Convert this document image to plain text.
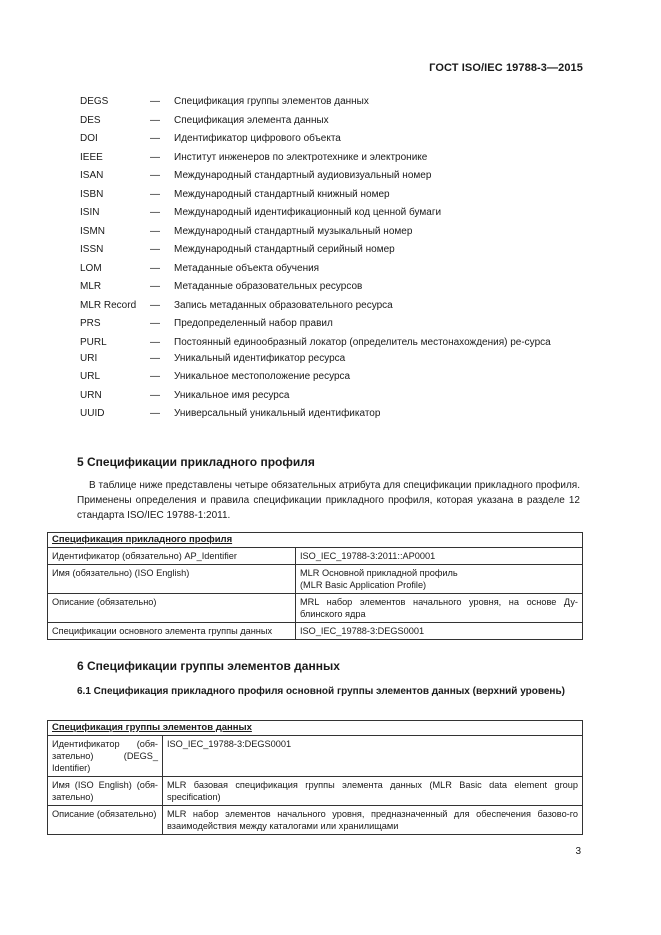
ГОСТ ISO/IEC 19788-3—2015
DEGS	—	Спецификация группы элементов данных
DES	—	Спецификация элемента данных
DOI	—	Идентификатор цифрового объекта
IEEE	—	Институт инженеров по электротехнике и электронике
ISAN	—	Международный стандартный аудиовизуальный номер
ISBN	—	Международный стандартный книжный номер
ISIN	—	Международный идентификационный код ценной бумаги
ISMN	—	Международный стандартный музыкальный номер
ISSN	—	Международный стандартный серийный номер
LOM	—	Метаданные объекта обучения
MLR	—	Метаданные образовательных ресурсов
MLR Record	—	Запись метаданных образовательного ресурса
PRS	—	Предопределенный набор правил
PURL	—	Постоянный единообразный локатор (определитель местонахождения) ре-сурса
URI	—	Уникальный идентификатор ресурса
URL	—	Уникальное местоположение ресурса
URN	—	Уникальное имя ресурса
UUID	—	Универсальный уникальный идентификатор
5 Спецификации прикладного профиля
В таблице ниже представлены четыре обязательных атрибута для спецификации прикладного профиля. Применены определения и правила спецификации прикладного профиля, которая указана в разделе 12 стандарта ISO/IEC 19788-1:2011.
Спецификация прикладного профиля	
Идентификатор (обязательно) AP_Identifier	ISO_IEC_19788-3:2011::AP0001
Имя (обязательно) (ISO English)	MLR Основной прикладной профиль
(MLR Basic Application Profile)
Описание (обязательно)	MRL набор элементов начального уровня, на основе Ду-блинского ядра
Спецификации основного элемента группы данных	ISO_IEC_19788-3:DEGS0001
6 Спецификации группы элементов данных
6.1 Спецификация прикладного профиля основной группы элементов данных (верхний уровень)
Спецификация группы элементов данных	
Идентификатор (обя-зательно) (DEGS_ Identifier)	ISO_IEC_19788-3:DEGS0001
Имя (ISO English) (обя-зательно)	MLR базовая спецификация группы элемента данных (MLR Basic data element group specification)
Описание (обязательно)	MLR набор элементов начального уровня, предназначенный для обеспечения базово-го взаимодействия между каталогами или хранилищами
3
